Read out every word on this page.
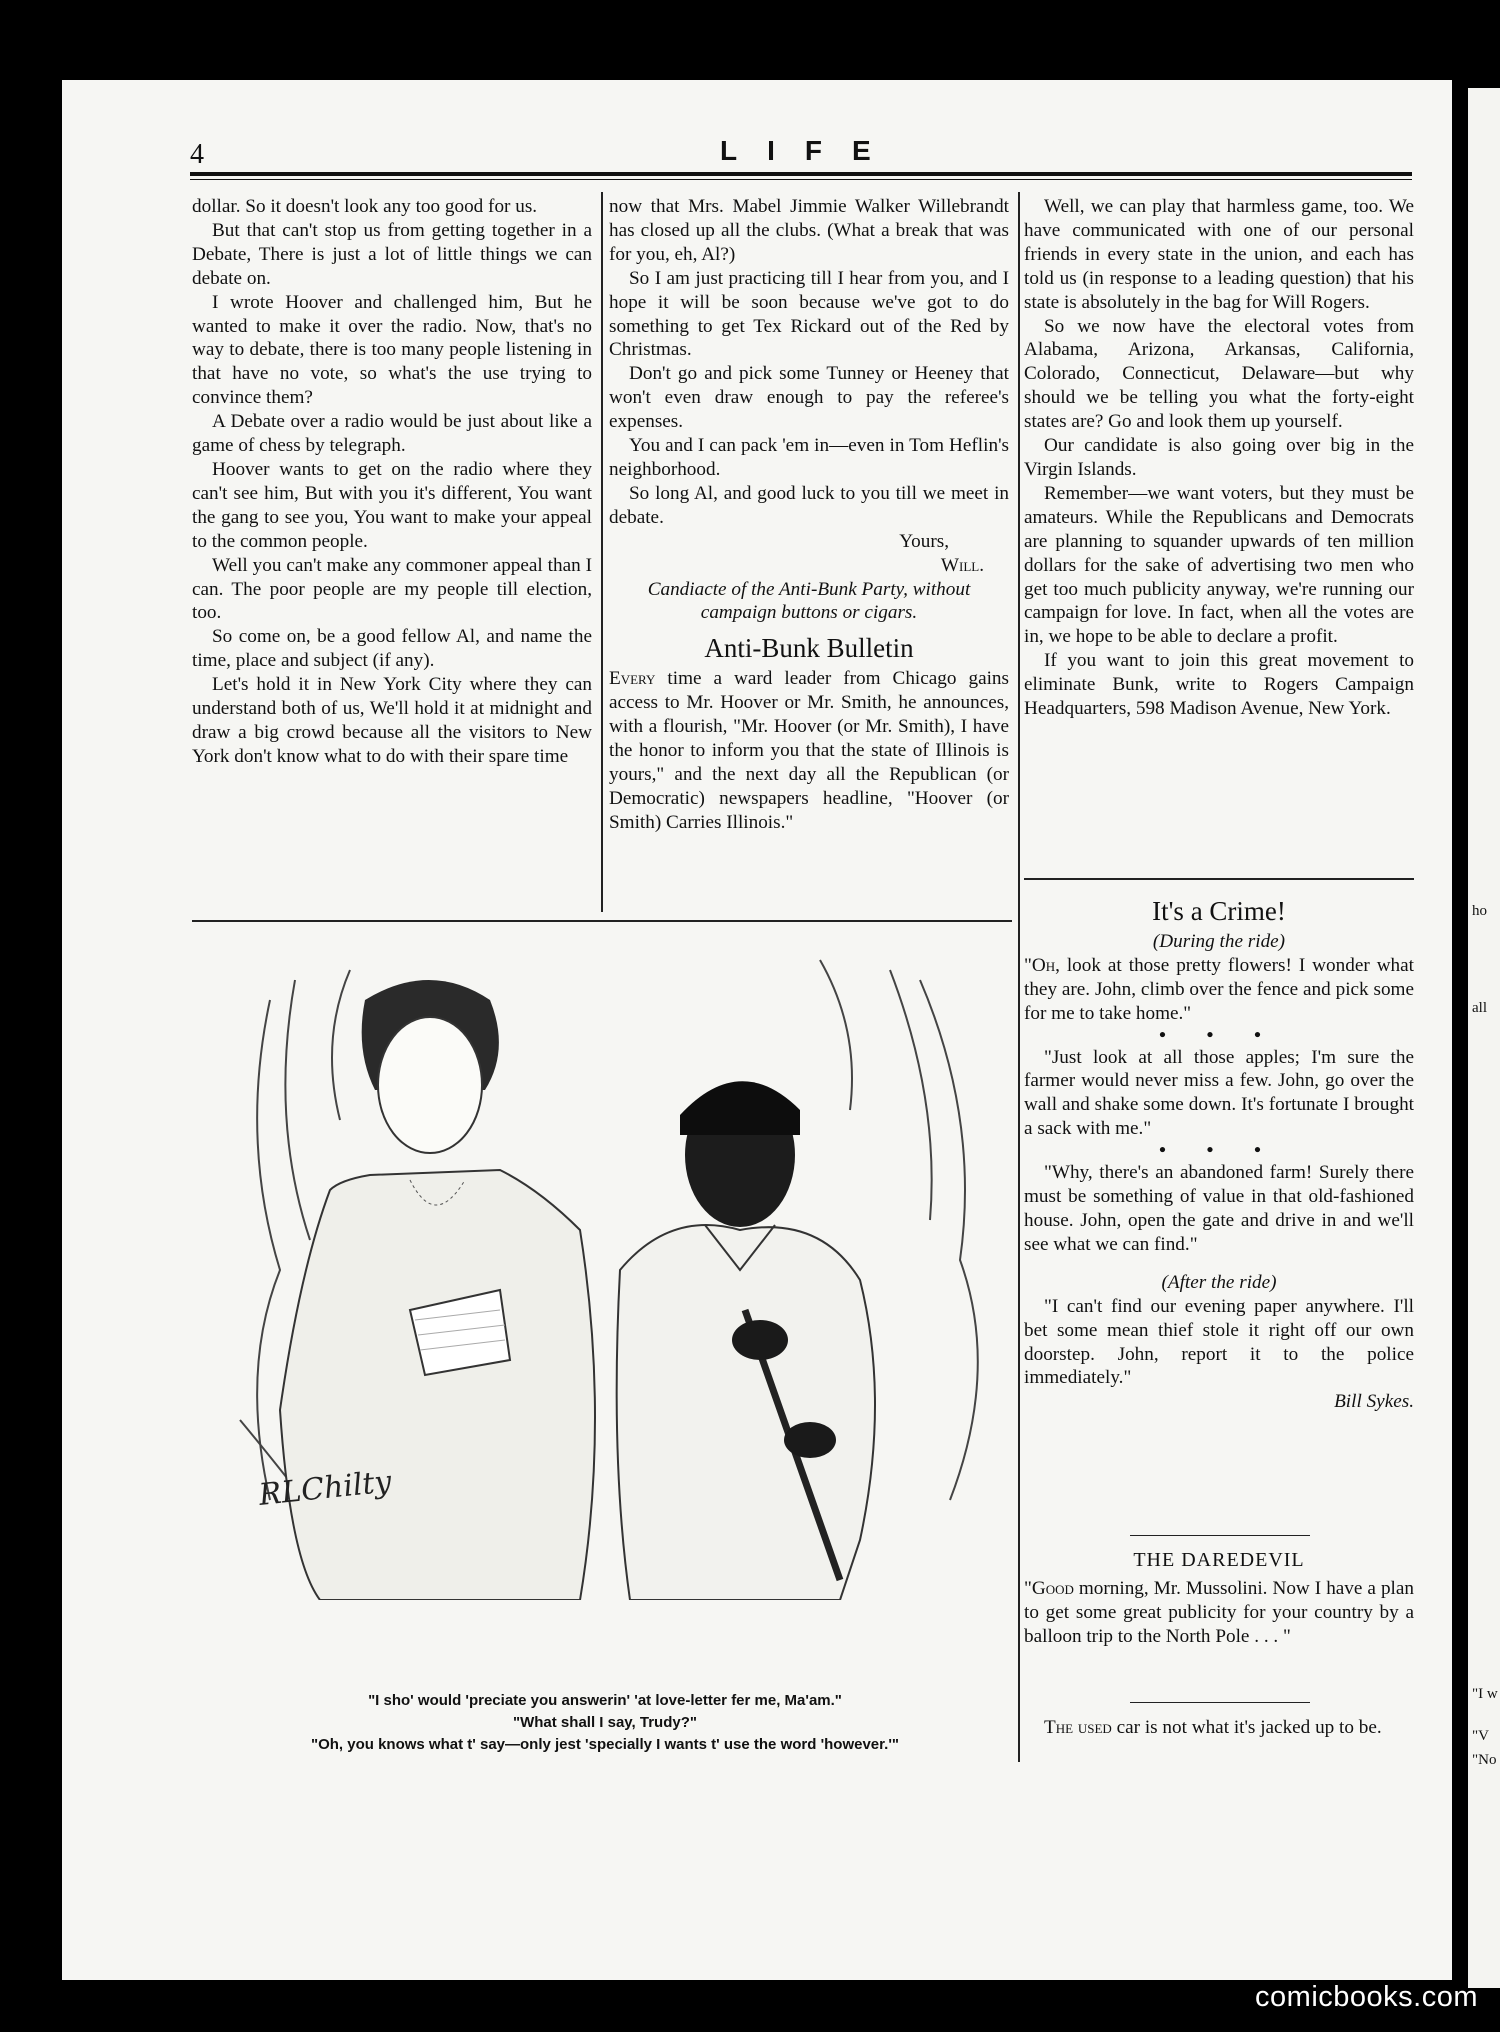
ho
all
"I w
"V
"No
4	LIFE

dollar. So it doesn't look any too good for us.

But that can't stop us from getting together in a Debate, There is just a lot of little things we can debate on.

I wrote Hoover and challenged him, But he wanted to make it over the radio. Now, that's no way to debate, there is too many people listening in that have no vote, so what's the use trying to convince them?

A Debate over a radio would be just about like a game of chess by telegraph.

Hoover wants to get on the radio where they can't see him, But with you it's different, You want the gang to see you, You want to make your appeal to the common people.

Well you can't make any commoner appeal than I can. The poor people are my people till election, too.

So come on, be a good fellow Al, and name the time, place and subject (if any).

Let's hold it in New York City where they can understand both of us, We'll hold it at midnight and draw a big crowd because all the visitors to New York don't know what to do with their spare time

now that Mrs. Mabel Jimmie Walker Willebrandt has closed up all the clubs. (What a break that was for you, eh, Al?)

So I am just practicing till I hear from you, and I hope it will be soon because we've got to do something to get Tex Rickard out of the Red by Christmas.

Don't go and pick some Tunney or Heeney that won't even draw enough to pay the referee's expenses.

You and I can pack 'em in—even in Tom Heflin's neighborhood.

So long Al, and good luck to you till we meet in debate.

Yours,

Will.

Candiacte of the Anti-Bunk Party, without campaign buttons or cigars.

Anti-Bunk Bulletin

Every time a ward leader from Chicago gains access to Mr. Hoover or Mr. Smith, he announces, with a flourish, "Mr. Hoover (or Mr. Smith), I have the honor to inform you that the state of Illinois is yours," and the next day all the Republican (or Democratic) newspapers headline, "Hoover (or Smith) Carries Illinois."

Well, we can play that harmless game, too. We have communicated with one of our personal friends in every state in the union, and each has told us (in response to a leading question) that his state is absolutely in the bag for Will Rogers.

So we now have the electoral votes from Alabama, Arizona, Arkansas, California, Colorado, Connecticut, Delaware—but why should we be telling you what the forty-eight states are? Go and look them up yourself.

Our candidate is also going over big in the Virgin Islands.

Remember—we want voters, but they must be amateurs. While the Republicans and Democrats are planning to squander upwards of ten million dollars for the sake of advertising two men who get too much publicity anyway, we're running our campaign for love. In fact, when all the votes are in, we hope to be able to declare a profit.

If you want to join this great movement to eliminate Bunk, write to Rogers Campaign Headquarters, 598 Madison Avenue, New York.

It's a Crime!

(During the ride)

"Oh, look at those pretty flowers! I wonder what they are. John, climb over the fence and pick some for me to take home."

• • •

"Just look at all those apples; I'm sure the farmer would never miss a few. John, go over the wall and shake some down. It's fortunate I brought a sack with me."

• • •

"Why, there's an abandoned farm! Surely there must be something of value in that old-fashioned house. John, open the gate and drive in and we'll see what we can find."

(After the ride)

"I can't find our evening paper anywhere. I'll bet some mean thief stole it right off our own doorstep. John, report it to the police immediately."

Bill Sykes.

THE DAREDEVIL

"Good morning, Mr. Mussolini. Now I have a plan to get some great publicity for your country by a balloon trip to the North Pole . . . "

The used car is not what it's jacked up to be.

RLChilty
"I sho' would 'preciate you answerin' 'at love-letter fer me, Ma'am."
"What shall I say, Trudy?"
"Oh, you knows what t' say—only jest 'specially I wants t' use the word 'however.'"
comicbooks.com
